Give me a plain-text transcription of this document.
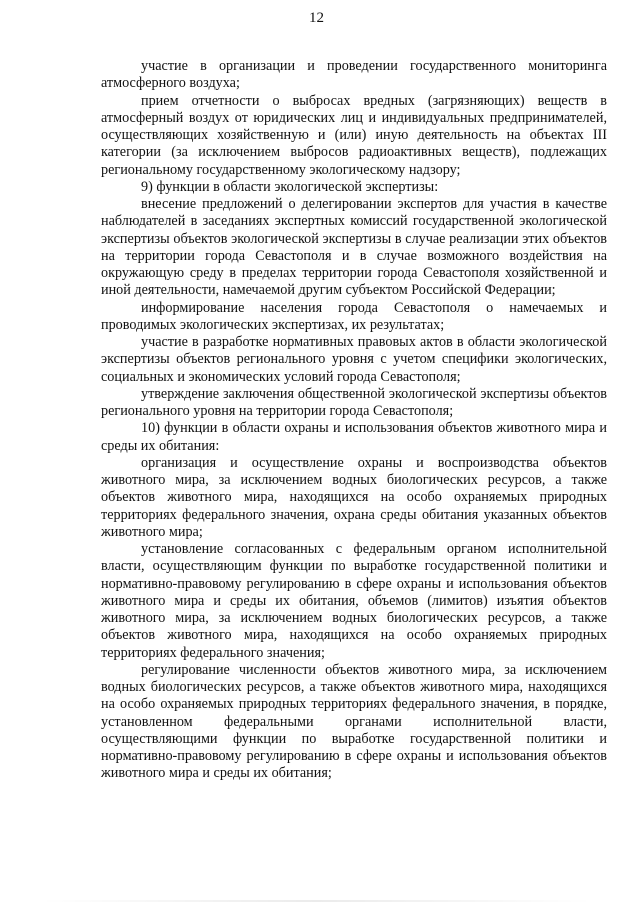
12

участие в организации и проведении государственного мониторинга атмосферного воздуха;

прием отчетности о выбросах вредных (загрязняющих) веществ в атмосферный воздух от юридических лиц и индивидуальных предпринимателей, осуществляющих хозяйственную и (или) иную деятельность на объектах III категории (за исключением выбросов радиоактивных веществ), подлежащих региональному государственному экологическому надзору;

9) функции в области экологической экспертизы:

внесение предложений о делегировании экспертов для участия в качестве наблюдателей в заседаниях экспертных комиссий государственной экологической экспертизы объектов экологической экспертизы в случае реализации этих объектов на территории города Севастополя и в случае возможного воздействия на окружающую среду в пределах территории города Севастополя хозяйственной и иной деятельности, намечаемой другим субъектом Российской Федерации;

информирование населения города Севастополя о намечаемых и проводимых экологических экспертизах, их результатах;

участие в разработке нормативных правовых актов в области экологической экспертизы объектов регионального уровня с учетом специфики экологических, социальных и экономических условий города Севастополя;

утверждение заключения общественной экологической экспертизы объектов регионального уровня на территории города Севастополя;

10) функции в области охраны и использования объектов животного мира и среды их обитания:

организация и осуществление охраны и воспроизводства объектов животного мира, за исключением водных биологических ресурсов, а также объектов животного мира, находящихся на особо охраняемых природных территориях федерального значения, охрана среды обитания указанных объектов животного мира;

установление согласованных с федеральным органом исполнительной власти, осуществляющим функции по выработке государственной политики и нормативно-правовому регулированию в сфере охраны и использования объектов животного мира и среды их обитания, объемов (лимитов) изъятия объектов животного мира, за исключением водных биологических ресурсов, а также объектов животного мира, находящихся на особо охраняемых природных территориях федерального значения;

регулирование численности объектов животного мира, за исключением водных биологических ресурсов, а также объектов животного мира, находящихся на особо охраняемых природных территориях федерального значения, в порядке, установленном федеральными органами исполнительной власти, осуществляющими функции по выработке государственной политики и нормативно-правовому регулированию в сфере охраны и использования объектов животного мира и среды их обитания;
